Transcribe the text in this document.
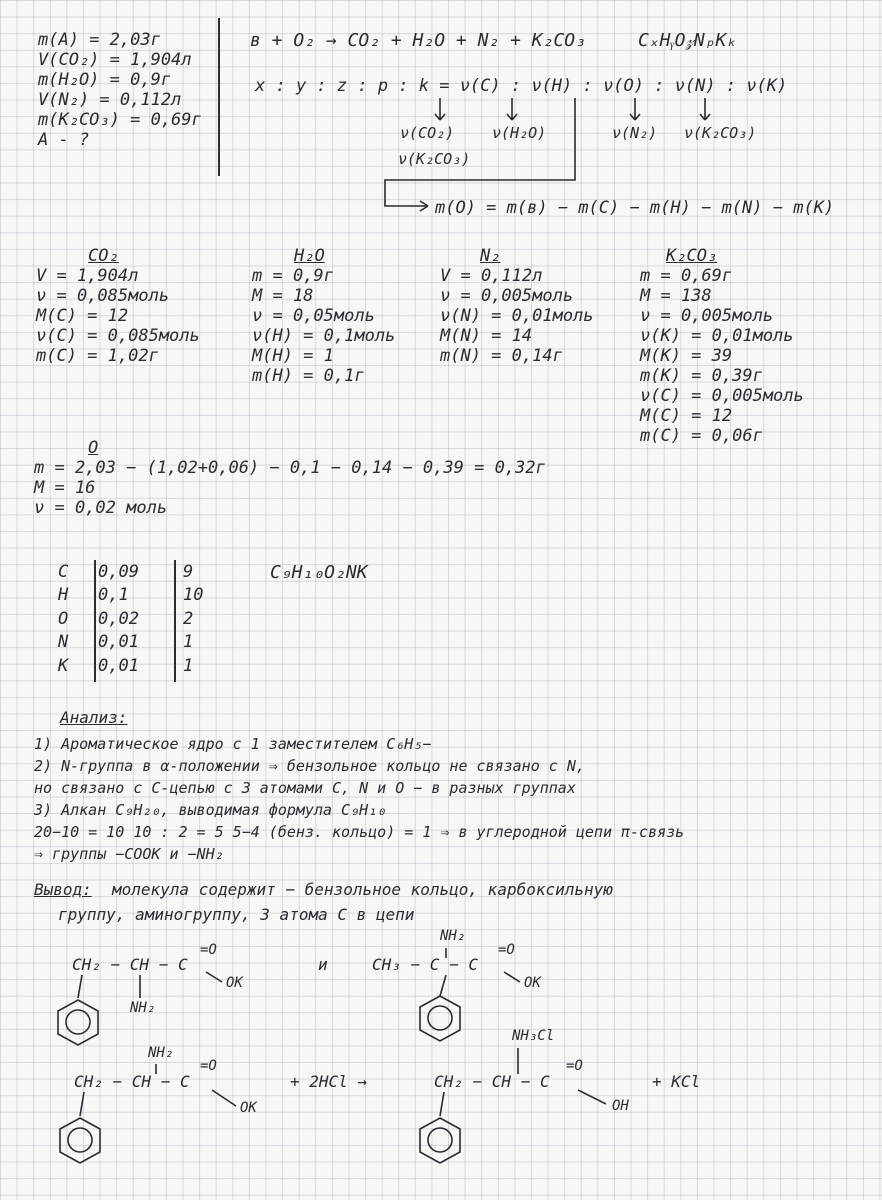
m(A) = 2,03г
V(CO₂) = 1,904л
m(H₂O) = 0,9г
V(N₂) = 0,112л
m(K₂CO₃) = 0,69г
A - ?
в + O₂ → CO₂ + H₂O + N₂ + K₂CO₃	CₓHᵧO𝓏NₚKₖ
x : y : z : p : k = ν(C) : ν(H) : ν(O) : ν(N) : ν(K)
ν(CO₂)	ν(H₂O)
ν(K₂CO₃)
ν(N₂) ν(K₂CO₃)
m(O) = m(в) − m(C) − m(H) − m(N) − m(K)
CO₂
V = 1,904л
ν = 0,085моль
M(C) = 12
ν(C) = 0,085моль
m(C) = 1,02г
H₂O
m = 0,9г
M = 18
ν = 0,05моль
ν(H) = 0,1моль
M(H) = 1
m(H) = 0,1г
N₂
V = 0,112л
ν = 0,005моль
ν(N) = 0,01моль
M(N) = 14
m(N) = 0,14г
K₂CO₃
m = 0,69г
M = 138
ν = 0,005моль
ν(K) = 0,01моль
M(K) = 39
m(K) = 0,39г
ν(C) = 0,005моль
M(C) = 12
m(C) = 0,06г
O
m = 2,03 − (1,02+0,06) − 0,1 − 0,14 − 0,39 = 0,32г
M = 16
ν = 0,02 моль
C	0,09	9
H	0,1	10
O	0,02	2
N	0,01	1
K	0,01	1
C₉H₁₀O₂NK
Анализ:
1) Ароматическое ядро с 1 заместителем C₆H₅−
2) N-группа в α-положении ⇒ бензольное кольцо не связано с N,
но связано с C-цепью с 3 атомами C, N и O − в разных группах
3) Алкан C₉H₂₀, выводимая формула C₉H₁₀
20−10 = 10 10 : 2 = 5 5−4 (бенз. кольцо) = 1 ⇒ в углеродной цепи π-связь
⇒ группы −COOK и −NH₂
Вывод: молекула содержит − бензольное кольцо, карбоксильную
группу, аминогруппу, 3 атома C в цепи
CH₂ − CH − C
=O
OK
NH₂
и
NH₂
CH₃ − C − C
=O
OK
NH₂
CH₂ − CH − C
=O
OK
+ 2HCl →
NH₃Cl
CH₂ − CH − C
=O
OH
+ KCl
